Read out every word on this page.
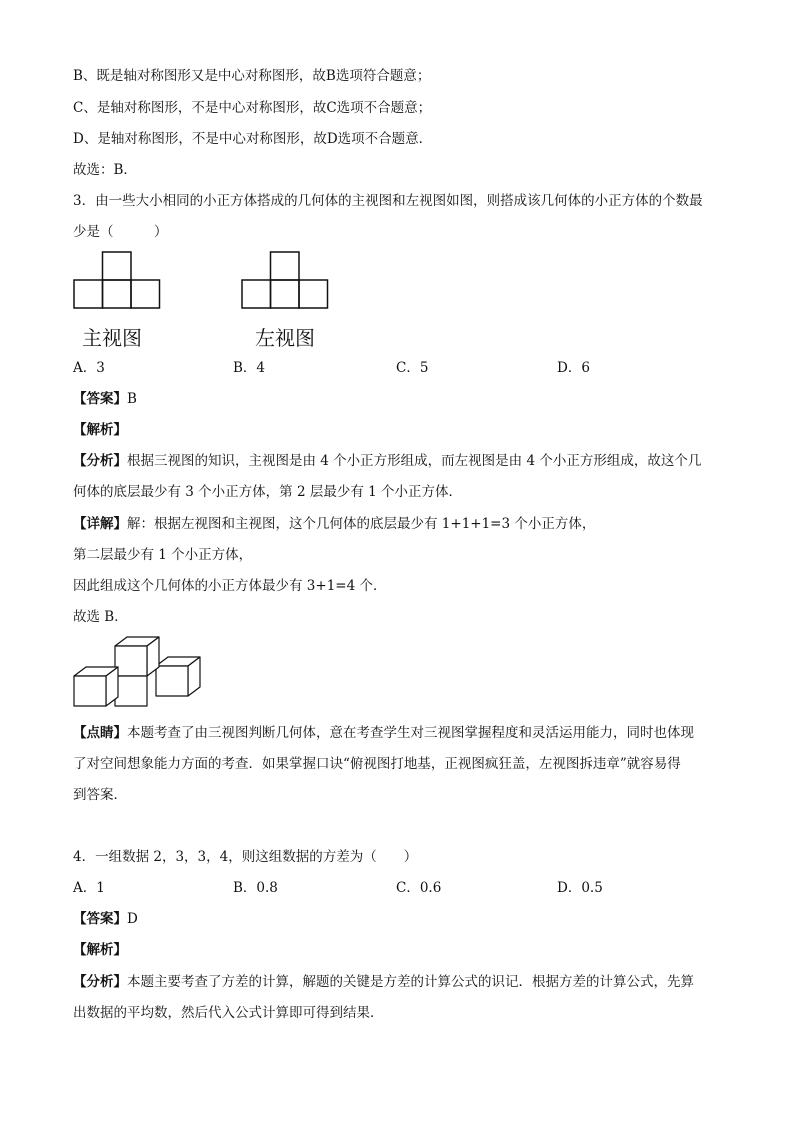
B、既是轴对称图形又是中心对称图形，故B选项符合题意；
C、是轴对称图形，不是中心对称图形，故C选项不合题意；
D、是轴对称图形，不是中心对称图形，故D选项不合题意．
故选：B．
3．由一些大小相同的小正方体搭成的几何体的主视图和左视图如图，则搭成该几何体的小正方体的个数最
少是（　　　）
主视图	左视图
A．3	B．4	C．5	D．6
【答案】B
【解析】
【分析】根据三视图的知识，主视图是由 4 个小正方形组成，而左视图是由 4 个小正方形组成，故这个几
何体的底层最少有 3 个小正方体，第 2 层最少有 1 个小正方体．
【详解】解：根据左视图和主视图，这个几何体的底层最少有 1+1+1=3 个小正方体，
第二层最少有 1 个小正方体，
因此组成这个几何体的小正方体最少有 3+1=4 个．
故选 B．
【点睛】本题考查了由三视图判断几何体，意在考查学生对三视图掌握程度和灵活运用能力，同时也体现
了对空间想象能力方面的考查．如果掌握口诀“俯视图打地基，正视图疯狂盖，左视图拆违章”就容易得
到答案．
4．一组数据 2，3，3，4，则这组数据的方差为（　　）
A．1	B．0.8	C．0.6	D．0.5
【答案】D
【解析】
【分析】本题主要考查了方差的计算，解题的关键是方差的计算公式的识记．根据方差的计算公式，先算
出数据的平均数，然后代入公式计算即可得到结果．
